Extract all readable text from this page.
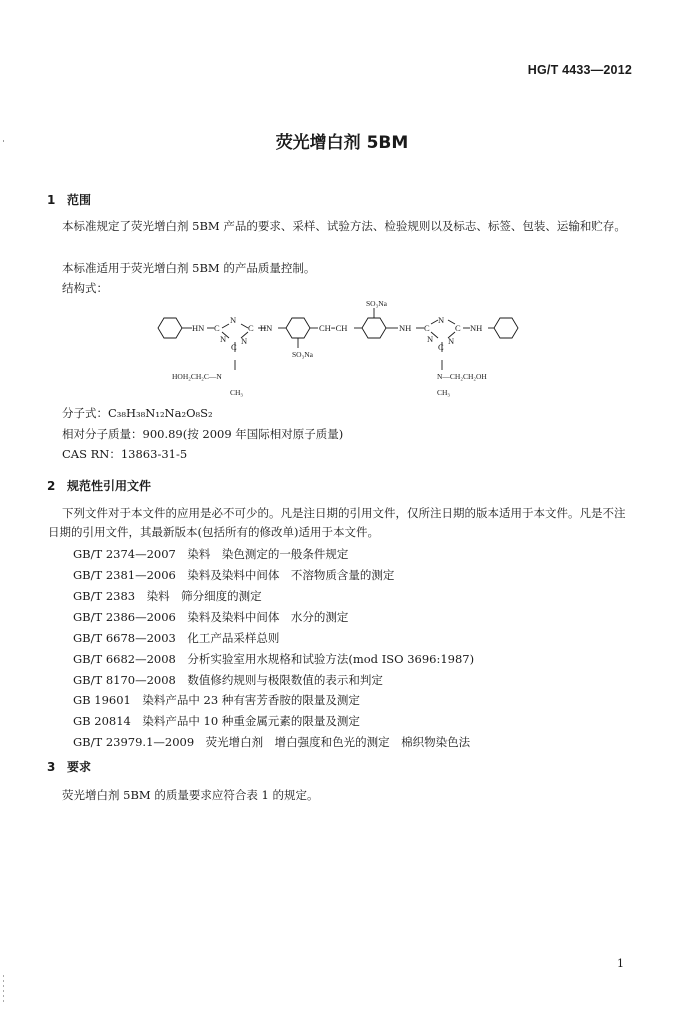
HG/T 4433—2012
荧光增白剂 5BM
1 范围
本标准规定了荧光增白剂 5BM 产品的要求、采样、试验方法、检验规则以及标志、标签、包装、运输和贮存。
本标准适用于荧光增白剂 5BM 的产品质量控制。
结构式：
HN C
N
C HN
N
C
N
CH=CH
SO₃Na
SO₃Na
NH C
N
C NH
N
C
N
HOH₂CH₂C—N
CH₃
N—CH₂CH₂OH
CH₃
分子式：C₃₈H₃₈N₁₂Na₂O₈S₂
相对分子质量：900.89(按 2009 年国际相对原子质量)
CAS RN：13863-31-5
2 规范性引用文件
下列文件对于本文件的应用是必不可少的。凡是注日期的引用文件，仅所注日期的版本适用于本文件。凡是不注日期的引用文件，其最新版本(包括所有的修改单)适用于本文件。
GB/T 2374—2007　染料　染色测定的一般条件规定
GB/T 2381—2006　染料及染料中间体　不溶物质含量的测定
GB/T 2383　染料　筛分细度的测定
GB/T 2386—2006　染料及染料中间体　水分的测定
GB/T 6678—2003　化工产品采样总则
GB/T 6682—2008　分析实验室用水规格和试验方法(mod ISO 3696:1987)
GB/T 8170—2008　数值修约规则与极限数值的表示和判定
GB 19601　染料产品中 23 种有害芳香胺的限量及测定
GB 20814　染料产品中 10 种重金属元素的限量及测定
GB/T 23979.1—2009　荧光增白剂　增白强度和色光的测定　棉织物染色法
3 要求
荧光增白剂 5BM 的质量要求应符合表 1 的规定。
1
